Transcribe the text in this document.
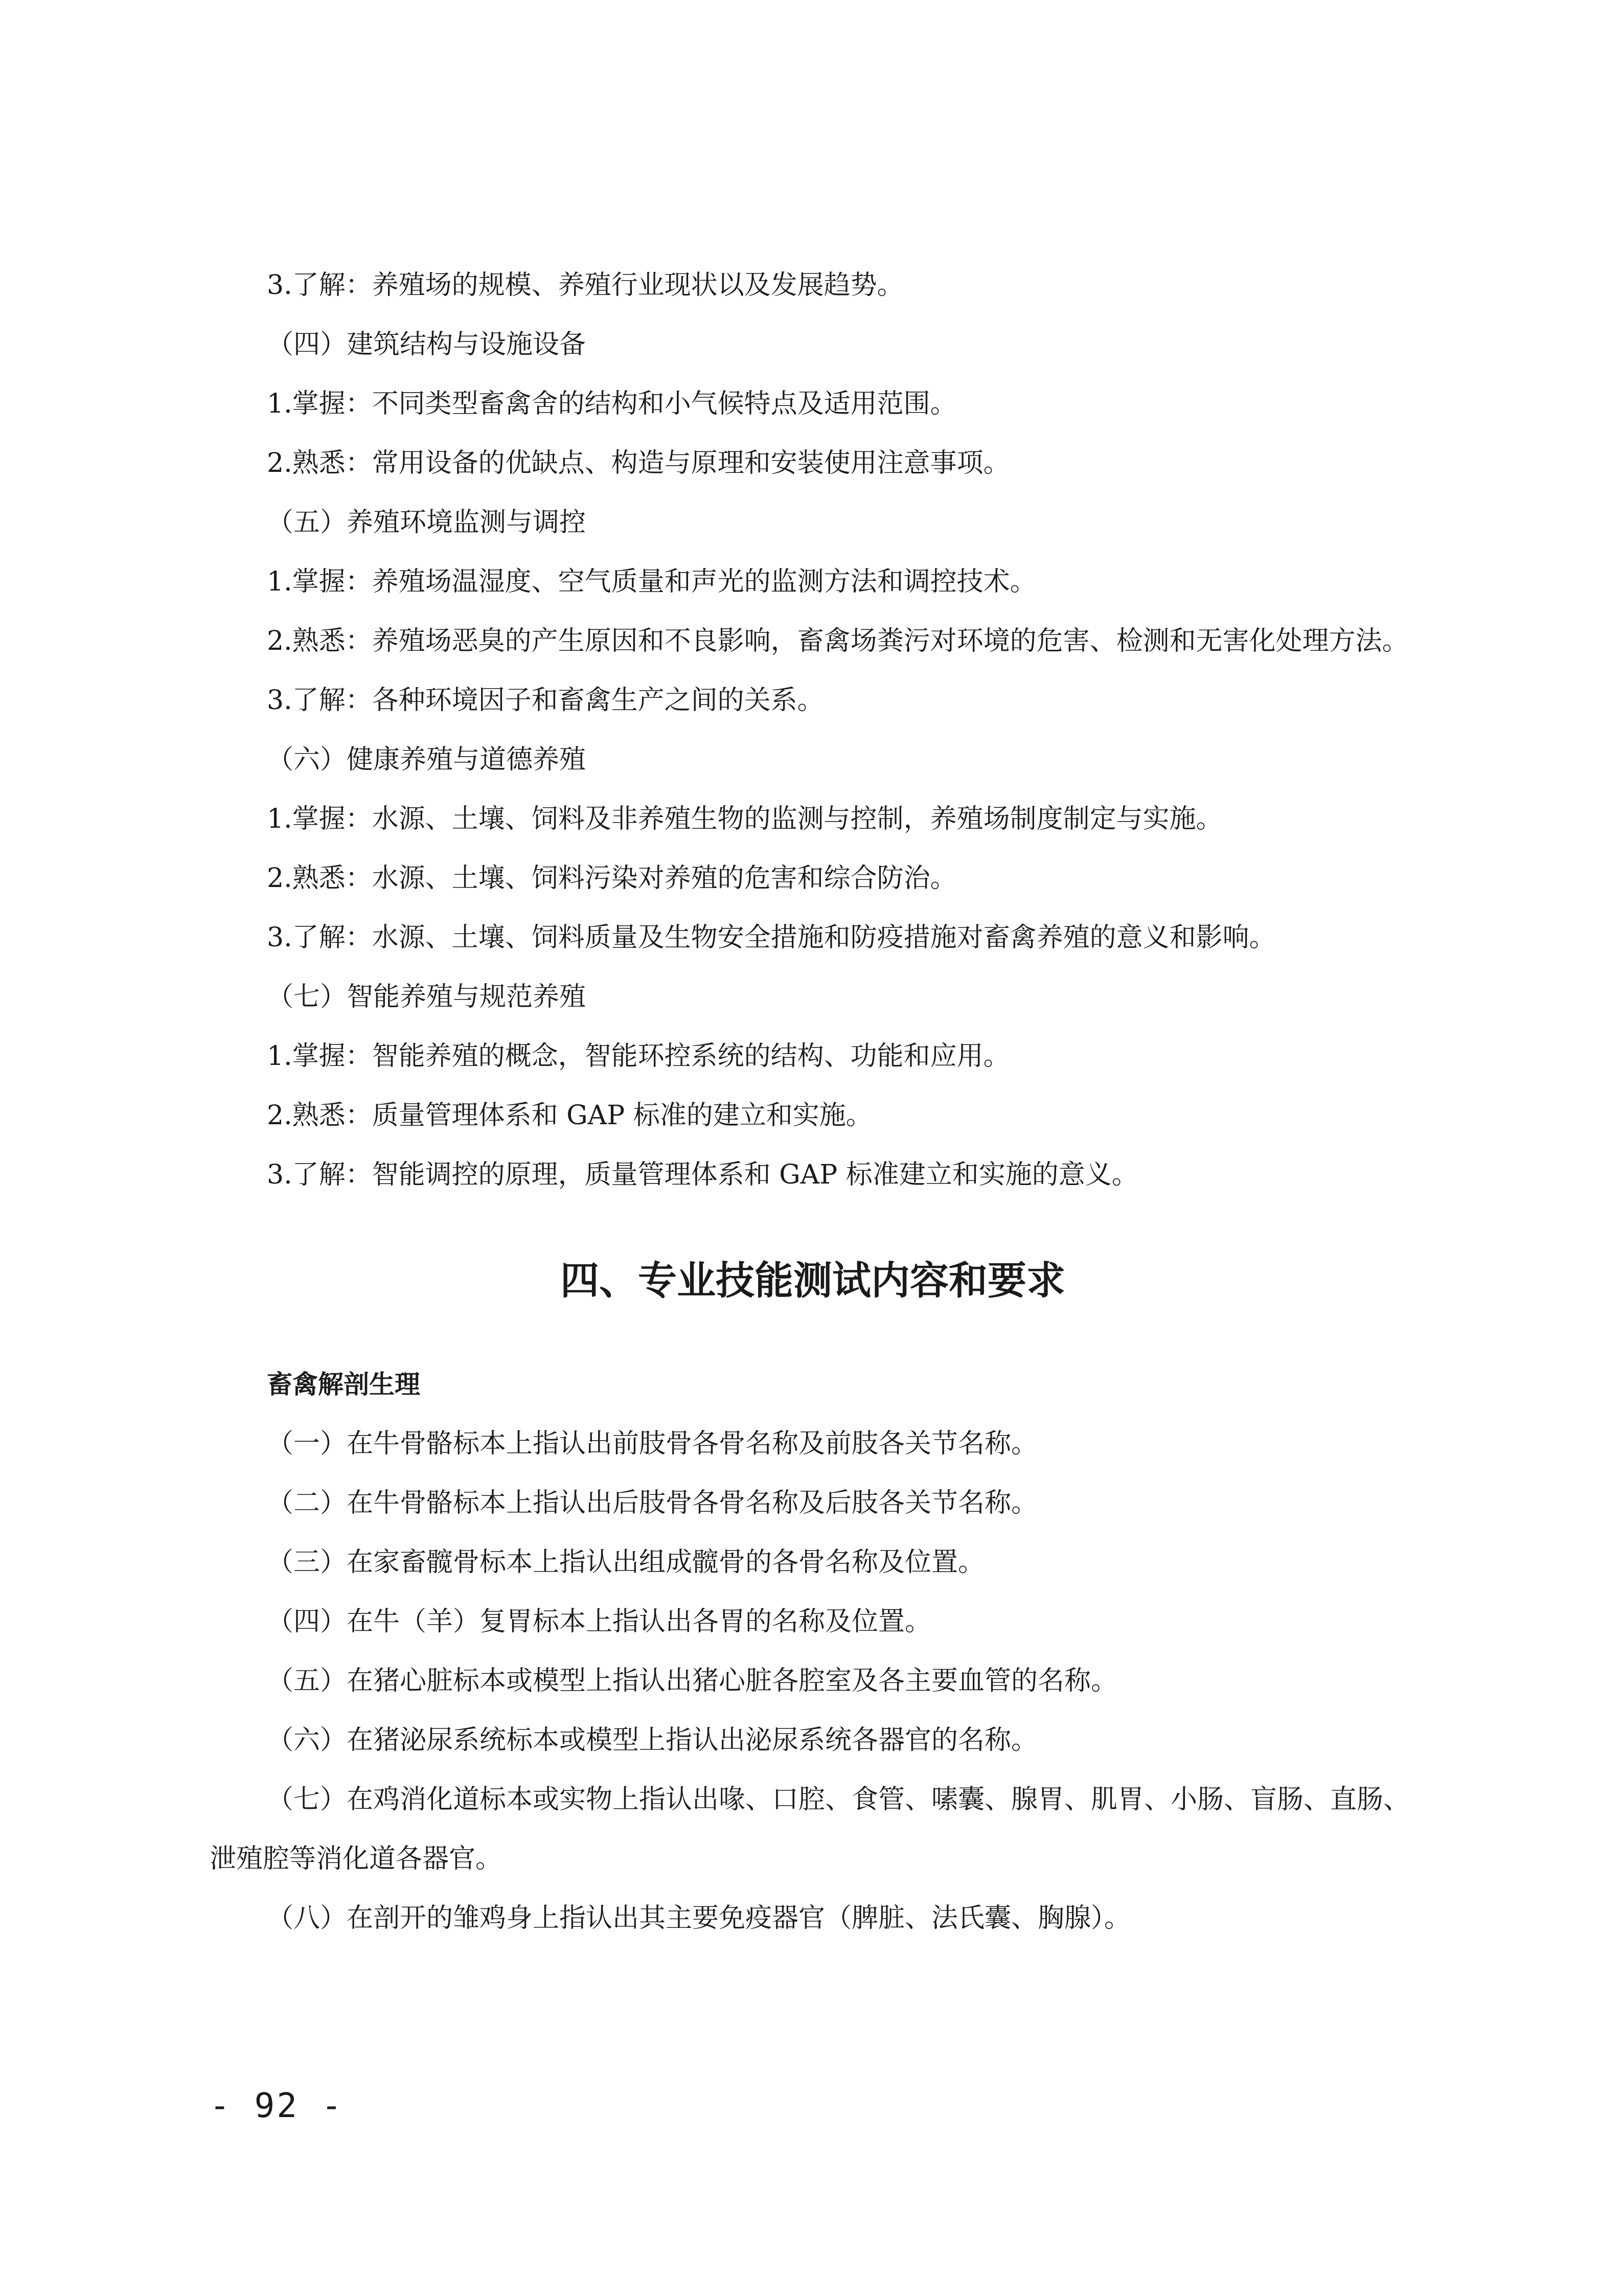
3.了解：养殖场的规模、养殖行业现状以及发展趋势。

（四）建筑结构与设施设备

1.掌握：不同类型畜禽舍的结构和小气候特点及适用范围。

2.熟悉：常用设备的优缺点、构造与原理和安装使用注意事项。

（五）养殖环境监测与调控

1.掌握：养殖场温湿度、空气质量和声光的监测方法和调控技术。

2.熟悉：养殖场恶臭的产生原因和不良影响，畜禽场粪污对环境的危害、检测和无害化处理方法。

3.了解：各种环境因子和畜禽生产之间的关系。

（六）健康养殖与道德养殖

1.掌握：水源、土壤、饲料及非养殖生物的监测与控制，养殖场制度制定与实施。

2.熟悉：水源、土壤、饲料污染对养殖的危害和综合防治。

3.了解：水源、土壤、饲料质量及生物安全措施和防疫措施对畜禽养殖的意义和影响。

（七）智能养殖与规范养殖

1.掌握：智能养殖的概念，智能环控系统的结构、功能和应用。

2.熟悉：质量管理体系和 GAP 标准的建立和实施。

3.了解：智能调控的原理，质量管理体系和 GAP 标准建立和实施的意义。

四、专业技能测试内容和要求

畜禽解剖生理

（一）在牛骨骼标本上指认出前肢骨各骨名称及前肢各关节名称。

（二）在牛骨骼标本上指认出后肢骨各骨名称及后肢各关节名称。

（三）在家畜髋骨标本上指认出组成髋骨的各骨名称及位置。

（四）在牛（羊）复胃标本上指认出各胃的名称及位置。

（五）在猪心脏标本或模型上指认出猪心脏各腔室及各主要血管的名称。

（六）在猪泌尿系统标本或模型上指认出泌尿系统各器官的名称。

（七）在鸡消化道标本或实物上指认出喙、口腔、食管、嗉囊、腺胃、肌胃、小肠、盲肠、直肠、泄殖腔等消化道各器官。

（八）在剖开的雏鸡身上指认出其主要免疫器官（脾脏、法氏囊、胸腺）。

- 92 -
